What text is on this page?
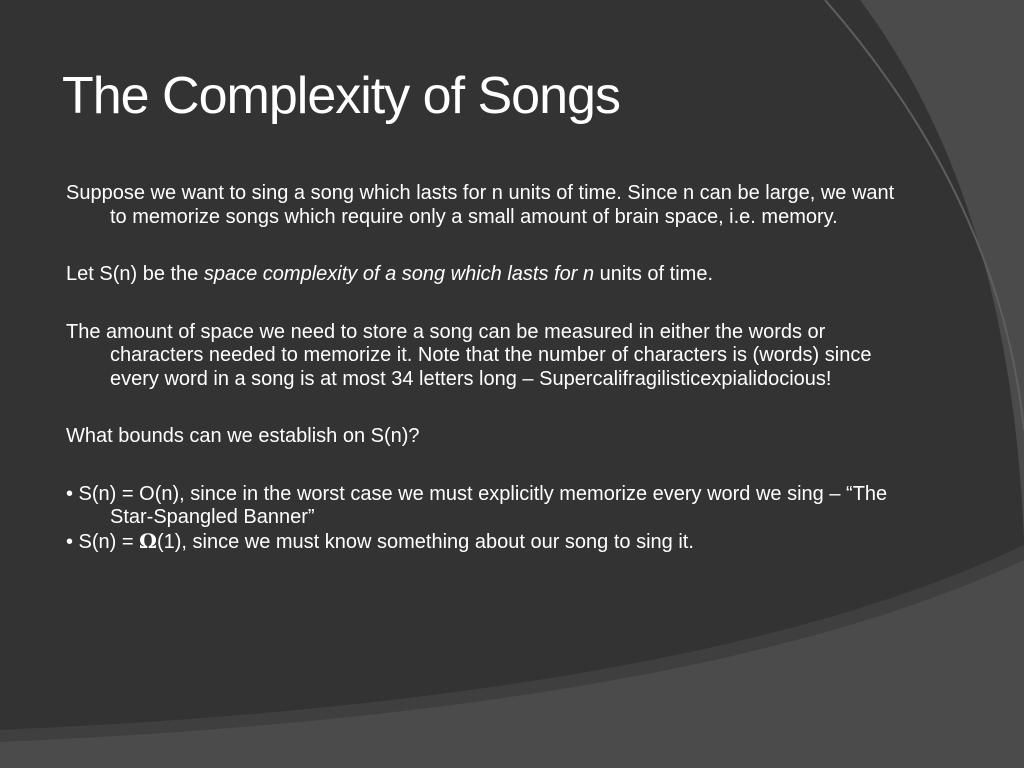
The Complexity of Songs

Suppose we want to sing a song which lasts for n units of time. Since n can be large, we want to memorize songs which require only a small amount of brain space, i.e. memory.

Let S(n) be the space complexity of a song which lasts for n units of time.

The amount of space we need to store a song can be measured in either the words or characters needed to memorize it. Note that the number of characters is (words) since every word in a song is at most 34 letters long – Supercalifragilisticexpialidocious!

What bounds can we establish on S(n)?

• S(n) = O(n), since in the worst case we must explicitly memorize every word we sing – “The Star-Spangled Banner”

• S(n) = Ω(1), since we must know something about our song to sing it.
